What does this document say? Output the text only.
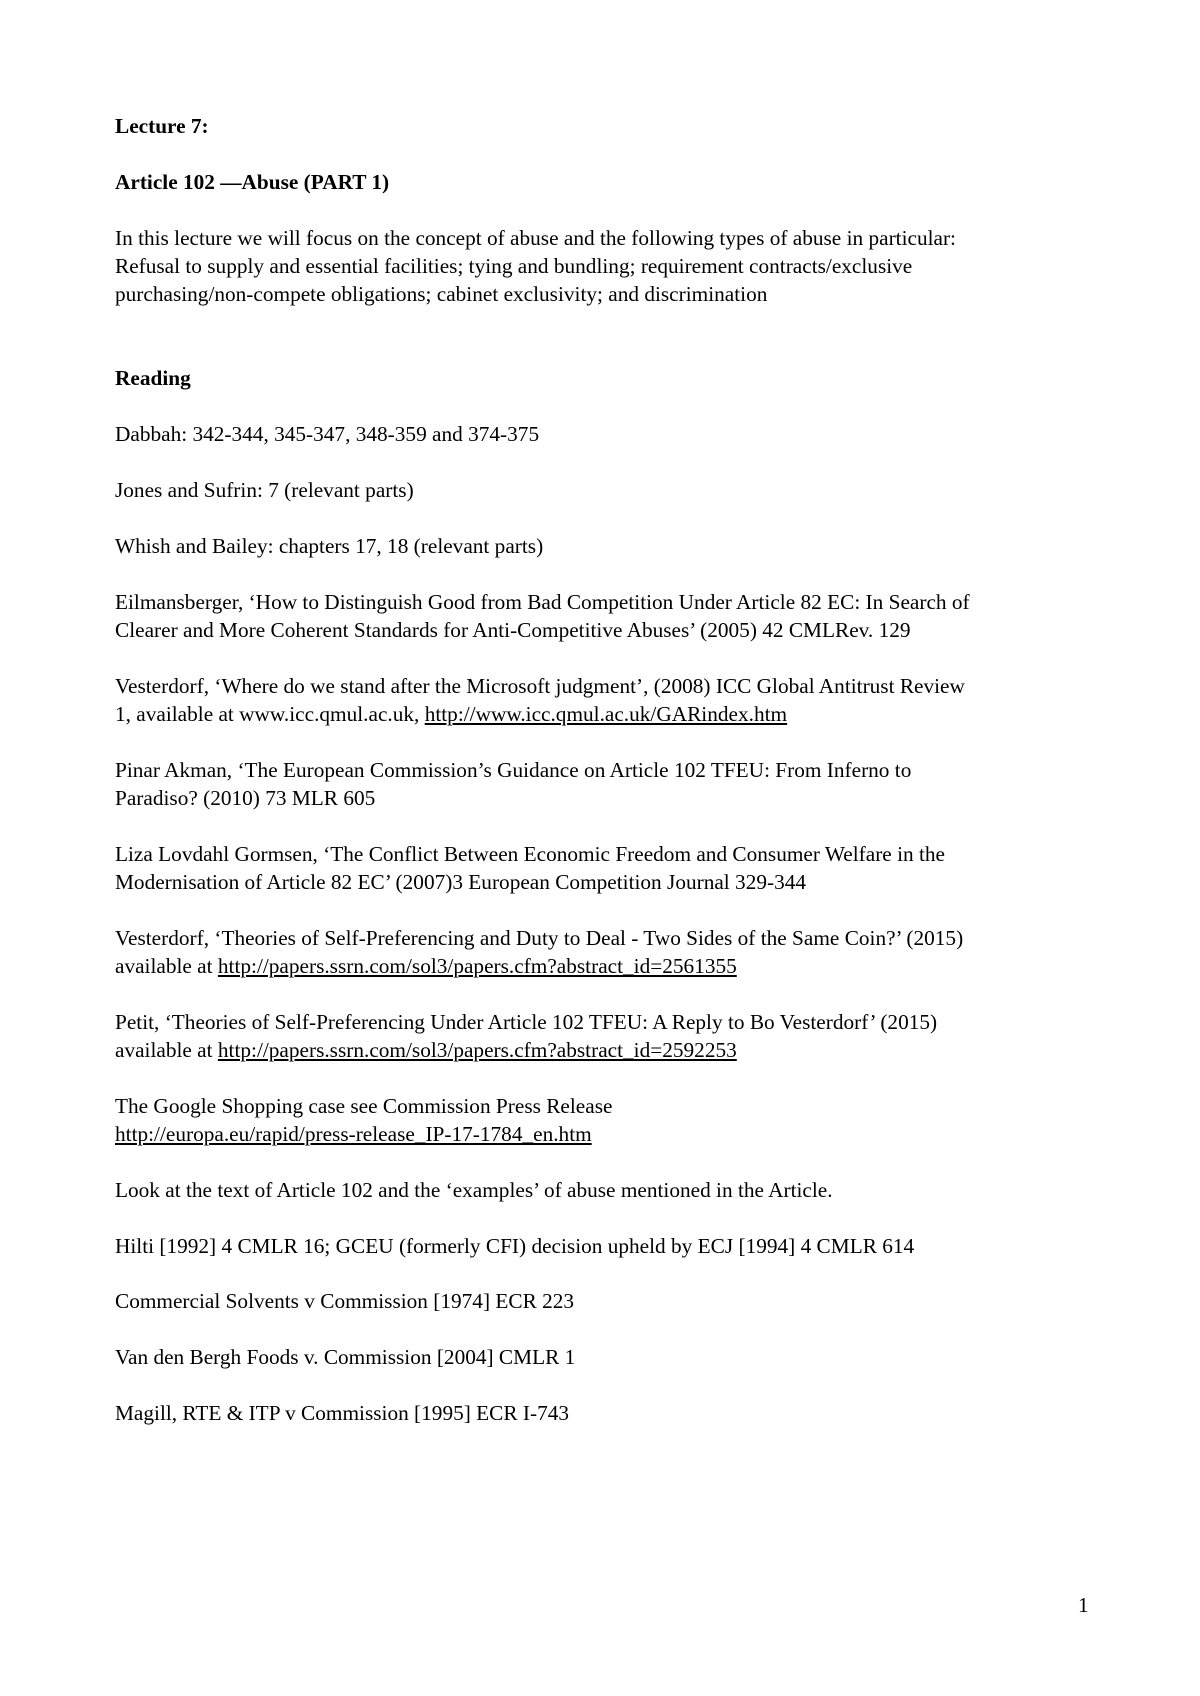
Lecture 7:

Article 102 —Abuse (PART 1)

In this lecture we will focus on the concept of abuse and the following types of abuse in particular:

Refusal to supply and essential facilities; tying and bundling; requirement contracts/exclusive

purchasing/non-compete obligations; cabinet exclusivity; and discrimination

Reading

Dabbah: 342-344, 345-347, 348-359 and 374-375

Jones and Sufrin: 7 (relevant parts)

Whish and Bailey: chapters 17, 18 (relevant parts)

Eilmansberger, ‘How to Distinguish Good from Bad Competition Under Article 82 EC: In Search of

Clearer and More Coherent Standards for Anti-Competitive Abuses’ (2005) 42 CMLRev. 129

Vesterdorf, ‘Where do we stand after the Microsoft judgment’, (2008) ICC Global Antitrust Review

1, available at www.icc.qmul.ac.uk, http://www.icc.qmul.ac.uk/GARindex.htm

Pinar Akman, ‘The European Commission’s Guidance on Article 102 TFEU: From Inferno to

Paradiso? (2010) 73 MLR 605

Liza Lovdahl Gormsen, ‘The Conflict Between Economic Freedom and Consumer Welfare in the

Modernisation of Article 82 EC’ (2007)3 European Competition Journal 329-344

Vesterdorf, ‘Theories of Self-Preferencing and Duty to Deal - Two Sides of the Same Coin?’ (2015)

available at http://papers.ssrn.com/sol3/papers.cfm?abstract_id=2561355

Petit, ‘Theories of Self-Preferencing Under Article 102 TFEU: A Reply to Bo Vesterdorf’ (2015)

available at http://papers.ssrn.com/sol3/papers.cfm?abstract_id=2592253

The Google Shopping case see Commission Press Release

http://europa.eu/rapid/press-release_IP-17-1784_en.htm

Look at the text of Article 102 and the ‘examples’ of abuse mentioned in the Article.

Hilti [1992] 4 CMLR 16; GCEU (formerly CFI) decision upheld by ECJ [1994] 4 CMLR 614

Commercial Solvents v Commission [1974] ECR 223

Van den Bergh Foods v. Commission [2004] CMLR 1

Magill, RTE & ITP v Commission [1995] ECR I-743

1
